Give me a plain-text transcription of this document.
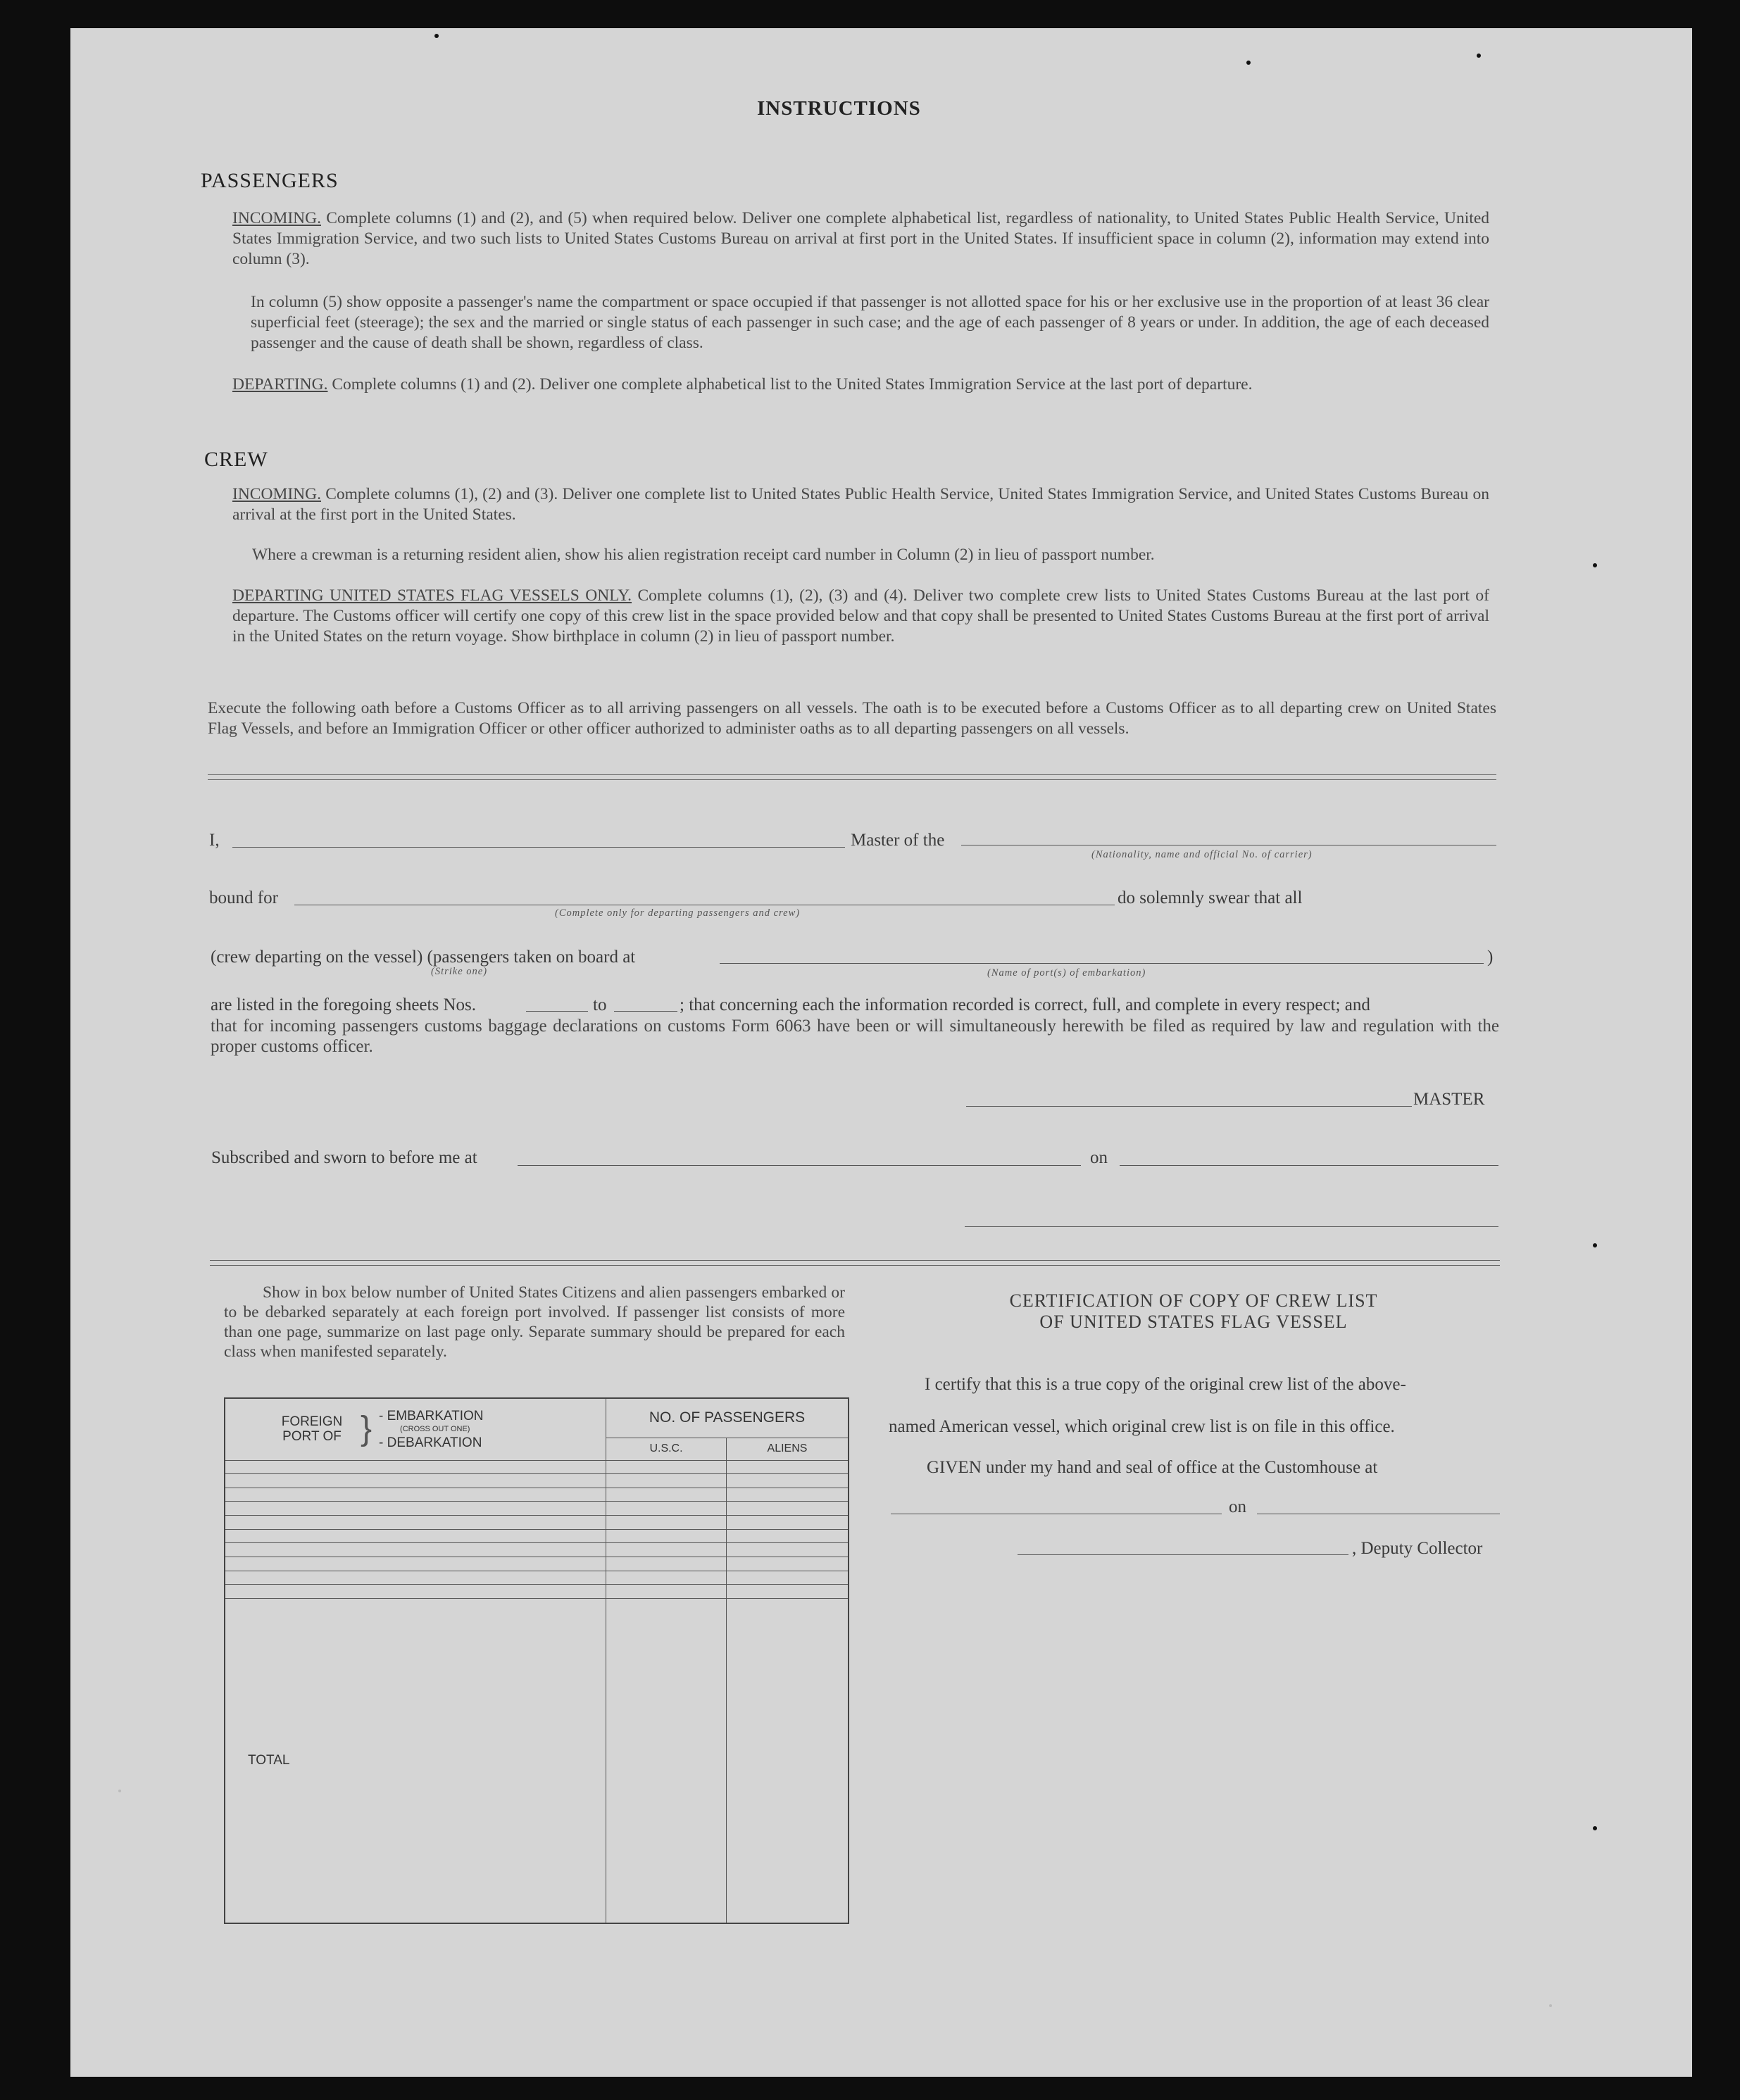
INSTRUCTIONS
PASSENGERS
INCOMING. Complete columns (1) and (2), and (5) when required below. Deliver one complete alphabetical list, regardless of nationality, to United States Public Health Service, United States Immigration Service, and two such lists to United States Customs Bureau on arrival at first port in the United States. If insufficient space in column (2), information may extend into column (3).
In column (5) show opposite a passenger's name the compartment or space occupied if that passenger is not allotted space for his or her exclusive use in the proportion of at least 36 clear superficial feet (steerage); the sex and the married or single status of each passenger in such case; and the age of each passenger of 8 years or under. In addition, the age of each deceased passenger and the cause of death shall be shown, regardless of class.
DEPARTING. Complete columns (1) and (2). Deliver one complete alphabetical list to the United States Immigration Service at the last port of departure.
CREW
INCOMING. Complete columns (1), (2) and (3). Deliver one complete list to United States Public Health Service, United States Immigration Service, and United States Customs Bureau on arrival at the first port in the United States.
Where a crewman is a returning resident alien, show his alien registration receipt card number in Column (2) in lieu of passport number.
DEPARTING UNITED STATES FLAG VESSELS ONLY. Complete columns (1), (2), (3) and (4). Deliver two complete crew lists to United States Customs Bureau at the last port of departure. The Customs officer will certify one copy of this crew list in the space provided below and that copy shall be presented to United States Customs Bureau at the first port of arrival in the United States on the return voyage. Show birthplace in column (2) in lieu of passport number.
Execute the following oath before a Customs Officer as to all arriving passengers on all vessels. The oath is to be executed before a Customs Officer as to all departing crew on United States Flag Vessels, and before an Immigration Officer or other officer authorized to administer oaths as to all departing passengers on all vessels.
I,	Master of the
(Nationality, name and official No. of carrier)
bound for
(Complete only for departing passengers and crew)
do solemnly swear that all
(crew departing on the vessel) (passengers taken on board at
(Strike one)
)
(Name of port(s) of embarkation)
are listed in the foregoing sheets Nos.	to	; that concerning each the information recorded is correct, full, and complete in every respect; and
that for incoming passengers customs baggage declarations on customs Form 6063 have been or will simultaneously herewith be filed as required by law and regulation with the proper customs officer.
MASTER
Subscribed and sworn to before me at	on
Show in box below number of United States Citizens and alien passengers embarked or to be debarked separately at each foreign port involved. If passenger list consists of more than one page, summarize on last page only. Separate summary should be prepared for each class when manifested separately.
FOREIGN PORT OF } - EMBARKATION
(CROSS OUT ONE)
- DEBARKATION	NO. OF PASSENGERS	
	U.S.C.	ALIENS

TOTAL		
CERTIFICATION OF COPY OF CREW LIST
OF UNITED STATES FLAG VESSEL
I certify that this is a true copy of the original crew list of the above-
named American vessel, which original crew list is on file in this office.
GIVEN under my hand and seal of office at the Customhouse at
on
, Deputy Collector
